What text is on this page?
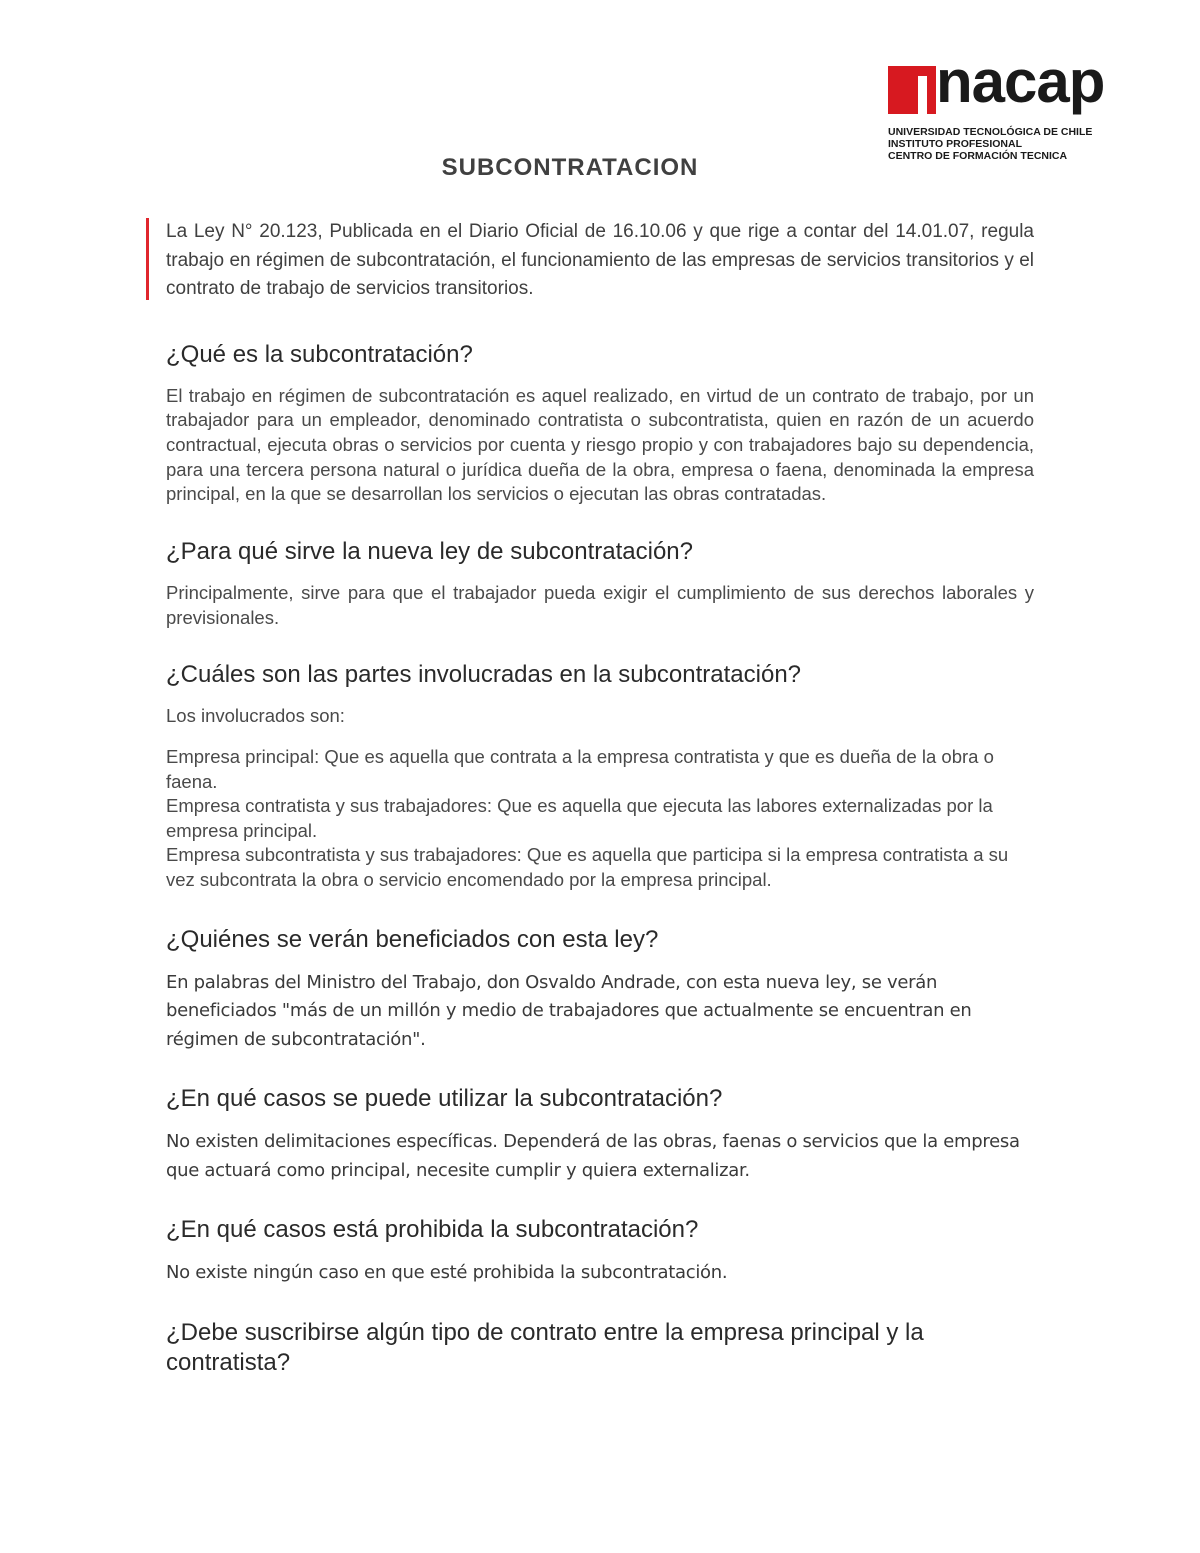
nacap
UNIVERSIDAD TECNOLÓGICA DE CHILE
INSTITUTO PROFESIONAL
CENTRO DE FORMACIÓN TECNICA
SUBCONTRATACION
La Ley N° 20.123, Publicada en el Diario Oficial de 16.10.06 y que rige a contar del 14.01.07, regula trabajo en régimen de subcontratación, el funcionamiento de las empresas de servicios transitorios y el contrato de trabajo de servicios transitorios.
¿Qué es la subcontratación?

El trabajo en régimen de subcontratación es aquel realizado, en virtud de un contrato de trabajo, por un trabajador para un empleador, denominado contratista o subcontratista, quien en razón de un acuerdo contractual, ejecuta obras o servicios por cuenta y riesgo propio y con trabajadores bajo su dependencia, para una tercera persona natural o jurídica dueña de la obra, empresa o faena, denominada la empresa principal, en la que se desarrollan los servicios o ejecutan las obras contratadas.

¿Para qué sirve la nueva ley de subcontratación?

Principalmente, sirve para que el trabajador pueda exigir el cumplimiento de sus derechos laborales y previsionales.

¿Cuáles son las partes involucradas en la subcontratación?

Los involucrados son:

Empresa principal: Que es aquella que contrata a la empresa contratista y que es dueña de la obra o faena.

Empresa contratista y sus trabajadores: Que es aquella que ejecuta las labores externalizadas por la empresa principal.

Empresa subcontratista y sus trabajadores: Que es aquella que participa si la empresa contratista a su vez subcontrata la obra o servicio encomendado por la empresa principal.

¿Quiénes se verán beneficiados con esta ley?

En palabras del Ministro del Trabajo, don Osvaldo Andrade, con esta nueva ley, se verán beneficiados "más de un millón y medio de trabajadores que actualmente se encuentran en régimen de subcontratación".

¿En qué casos se puede utilizar la subcontratación?

No existen delimitaciones específicas. Dependerá de las obras, faenas o servicios que la empresa que actuará como principal, necesite cumplir y quiera externalizar.

¿En qué casos está prohibida la subcontratación?

No existe ningún caso en que esté prohibida la subcontratación.

¿Debe suscribirse algún tipo de contrato entre la empresa principal y la contratista?
